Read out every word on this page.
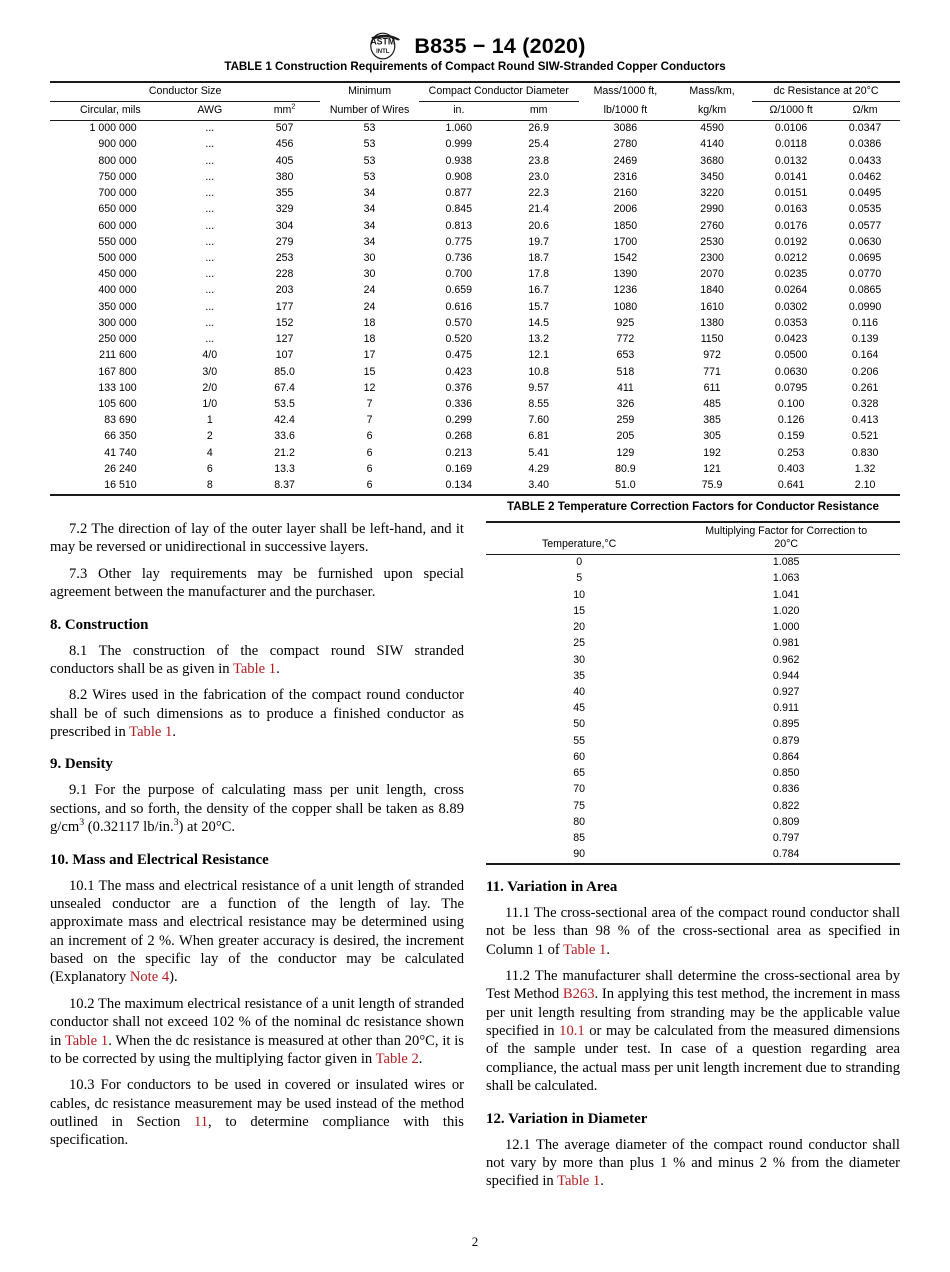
ASTM
INTL B835 − 14 (2020)
TABLE 1 Construction Requirements of Compact Round SIW-Stranded Copper Conductors
Conductor Size			Minimum	Compact Conductor Diameter		Mass/1000 ft,	Mass/km,	dc Resistance at 20°C	
Circular, mils	AWG	$mm^2$	Number of Wires	in.	mm	lb/1000 ft	kg/km	Ω/1000 ft	Ω/km
1 000 000	...	507	53	1.060	26.9	3086	4590	0.0106	0.0347
900 000	...	456	53	0.999	25.4	2780	4140	0.0118	0.0386
800 000	...	405	53	0.938	23.8	2469	3680	0.0132	0.0433
750 000	...	380	53	0.908	23.0	2316	3450	0.0141	0.0462
700 000	...	355	34	0.877	22.3	2160	3220	0.0151	0.0495
650 000	...	329	34	0.845	21.4	2006	2990	0.0163	0.0535
600 000	...	304	34	0.813	20.6	1850	2760	0.0176	0.0577
550 000	...	279	34	0.775	19.7	1700	2530	0.0192	0.0630
500 000	...	253	30	0.736	18.7	1542	2300	0.0212	0.0695
450 000	...	228	30	0.700	17.8	1390	2070	0.0235	0.0770
400 000	...	203	24	0.659	16.7	1236	1840	0.0264	0.0865
350 000	...	177	24	0.616	15.7	1080	1610	0.0302	0.0990
300 000	...	152	18	0.570	14.5	925	1380	0.0353	0.116
250 000	...	127	18	0.520	13.2	772	1150	0.0423	0.139
211 600	4/0	107	17	0.475	12.1	653	972	0.0500	0.164
167 800	3/0	85.0	15	0.423	10.8	518	771	0.0630	0.206
133 100	2/0	67.4	12	0.376	9.57	411	611	0.0795	0.261
105 600	1/0	53.5	7	0.336	8.55	326	485	0.100	0.328
83 690	1	42.4	7	0.299	7.60	259	385	0.126	0.413
66 350	2	33.6	6	0.268	6.81	205	305	0.159	0.521
41 740	4	21.2	6	0.213	5.41	129	192	0.253	0.830
26 240	6	13.3	6	0.169	4.29	80.9	121	0.403	1.32
16 510	8	8.37	6	0.134	3.40	51.0	75.9	0.641	2.10

7.2 The direction of lay of the outer layer shall be left-hand, and it may be reversed or unidirectional in successive layers.

7.3 Other lay requirements may be furnished upon special agreement between the manufacturer and the purchaser.

8. Construction

8.1 The construction of the compact round SIW stranded conductors shall be as given in Table 1.

8.2 Wires used in the fabrication of the compact round conductor shall be of such dimensions as to produce a finished conductor as prescribed in Table 1.

9. Density

9.1 For the purpose of calculating mass per unit length, cross sections, and so forth, the density of the copper shall be taken as 8.89 $g/cm^3$ (0.32117 lb/in.$^3$) at 20°C.

10. Mass and Electrical Resistance

10.1 The mass and electrical resistance of a unit length of stranded unsealed conductor are a function of the length of lay. The approximate mass and electrical resistance may be determined using an increment of 2 %. When greater accuracy is desired, the increment based on the specific lay of the conductor may be calculated (Explanatory Note 4).

10.2 The maximum electrical resistance of a unit length of stranded conductor shall not exceed 102 % of the nominal dc resistance shown in Table 1. When the dc resistance is measured at other than 20°C, it is to be corrected by using the multiplying factor given in Table 2.

10.3 For conductors to be used in covered or insulated wires or cables, dc resistance measurement may be used instead of the method outlined in Section 11, to determine compliance with this specification.

TABLE 2 Temperature Correction Factors for Conductor Resistance
Temperature,°C	Multiplying Factor for Correction to
20°C
0	1.085
5	1.063
10	1.041
15	1.020
20	1.000
25	0.981
30	0.962
35	0.944
40	0.927
45	0.911
50	0.895
55	0.879
60	0.864
65	0.850
70	0.836
75	0.822
80	0.809
85	0.797
90	0.784
11. Variation in Area

11.1 The cross-sectional area of the compact round conductor shall not be less than 98 % of the cross-sectional area as specified in Column 1 of Table 1.

11.2 The manufacturer shall determine the cross-sectional area by Test Method B263. In applying this test method, the increment in mass per unit length resulting from stranding may be the applicable value specified in 10.1 or may be calculated from the measured dimensions of the sample under test. In case of a question regarding area compliance, the actual mass per unit length increment due to stranding shall be calculated.

12. Variation in Diameter

12.1 The average diameter of the compact round conductor shall not vary by more than plus 1 % and minus 2 % from the diameter specified in Table 1.

2
